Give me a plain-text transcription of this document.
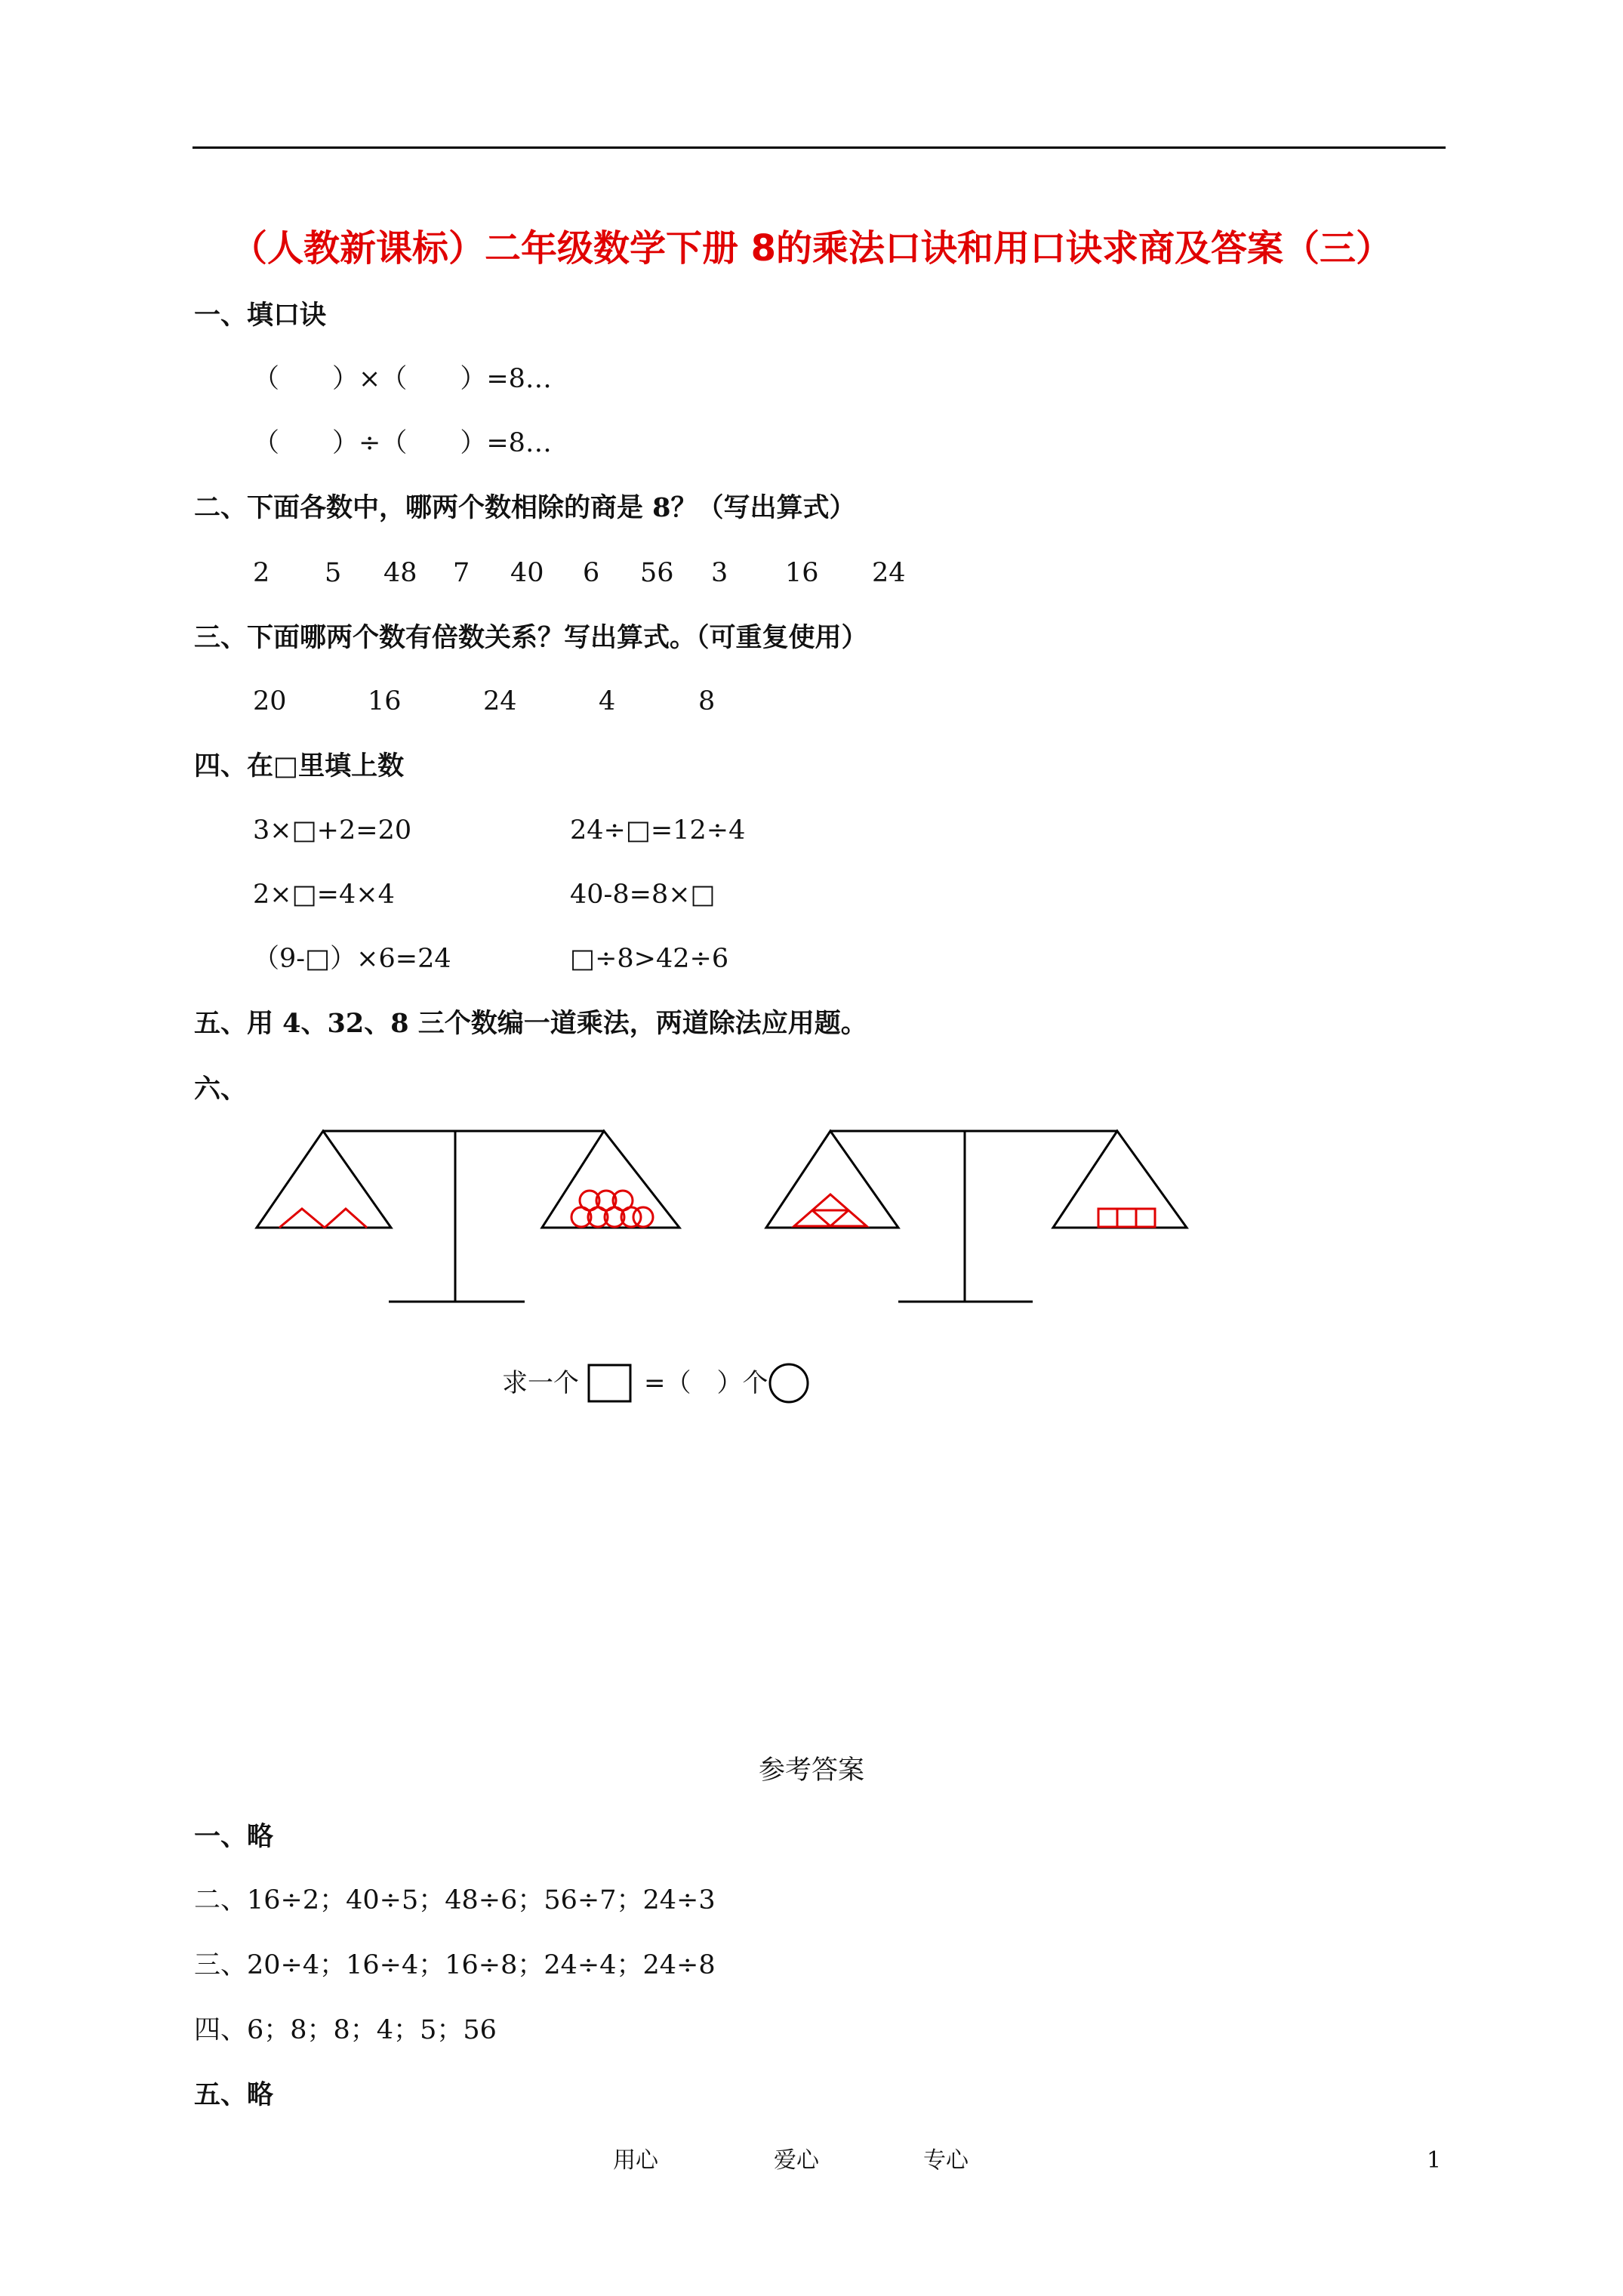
（人教新课标）二年级数学下册 8的乘法口诀和用口诀求商及答案（三）
一、填口诀
（　　）×（　　）=8…
（　　）÷（　　）=8…
二、下面各数中，哪两个数相除的商是 8？（写出算式）
2 5 48 7 40 6 56 3 16 24
三、下面哪两个数有倍数关系？写出算式。（可重复使用）
20	16	24	4	8
四、在□里填上数
3×□+2=20	24÷□=12÷4
2×□=4×4	40-8=8×□
（9-□）×6=24	□÷8>42÷6
五、用 4、32、8 三个数编一道乘法，两道除法应用题。
六、
求一个	=（　）个
参考答案
一、略
二、16÷2；40÷5；48÷6；56÷7；24÷3
三、20÷4；16÷4；16÷8；24÷4；24÷8
四、6；8；8；4；5；56
五、略
用心	爱心	专心	1
